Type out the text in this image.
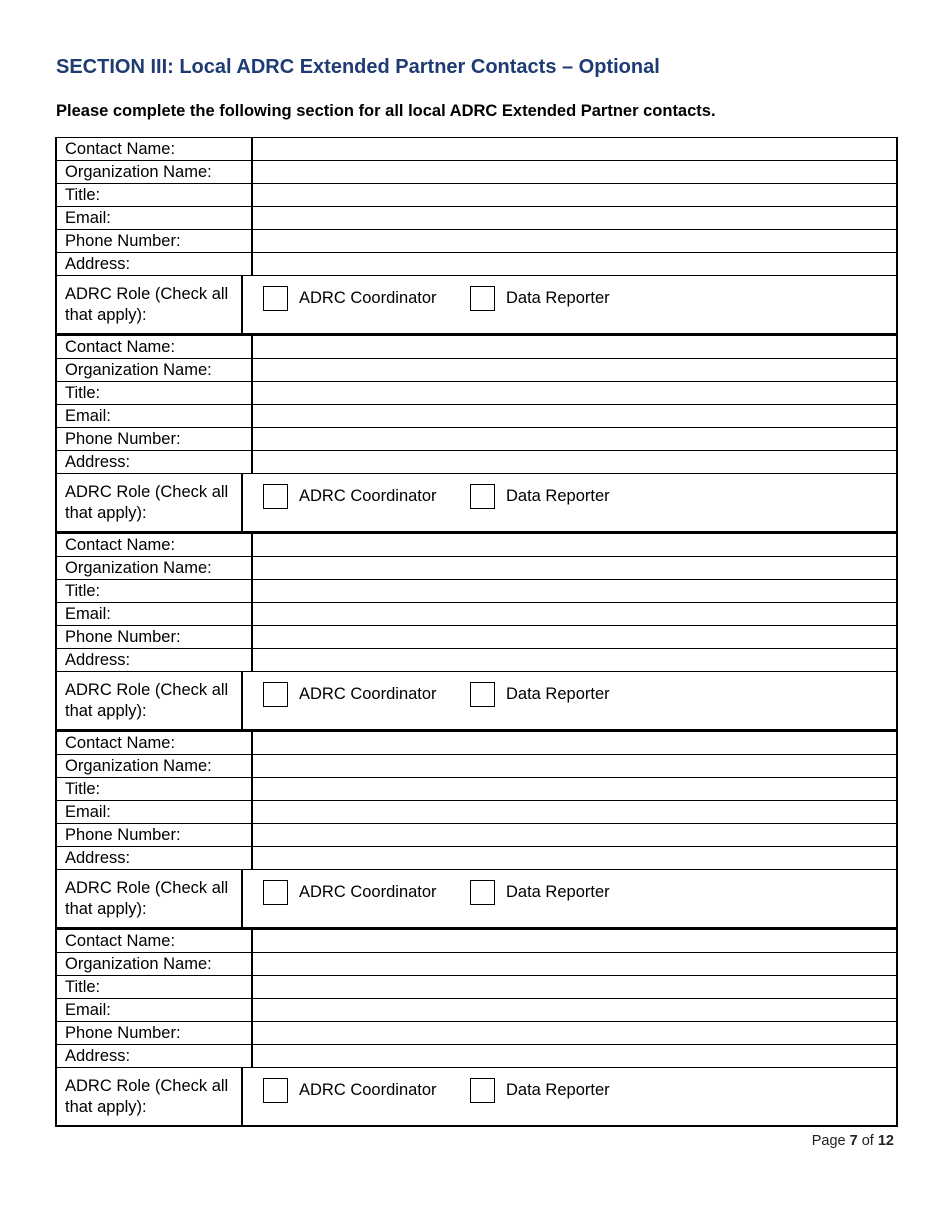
SECTION III: Local ADRC Extended Partner Contacts – Optional

Please complete the following section for all local ADRC Extended Partner contacts.

Contact Name:
Organization Name:
Title:
Email:
Phone Number:
Address:
ADRC Role (Check all that apply):
ADRC Coordinator	Data Reporter
Contact Name:
Organization Name:
Title:
Email:
Phone Number:
Address:
ADRC Role (Check all that apply):
ADRC Coordinator	Data Reporter
Contact Name:
Organization Name:
Title:
Email:
Phone Number:
Address:
ADRC Role (Check all that apply):
ADRC Coordinator	Data Reporter
Contact Name:
Organization Name:
Title:
Email:
Phone Number:
Address:
ADRC Role (Check all that apply):
ADRC Coordinator	Data Reporter
Contact Name:
Organization Name:
Title:
Email:
Phone Number:
Address:
ADRC Role (Check all that apply):
ADRC Coordinator	Data Reporter
Page 7 of 12
